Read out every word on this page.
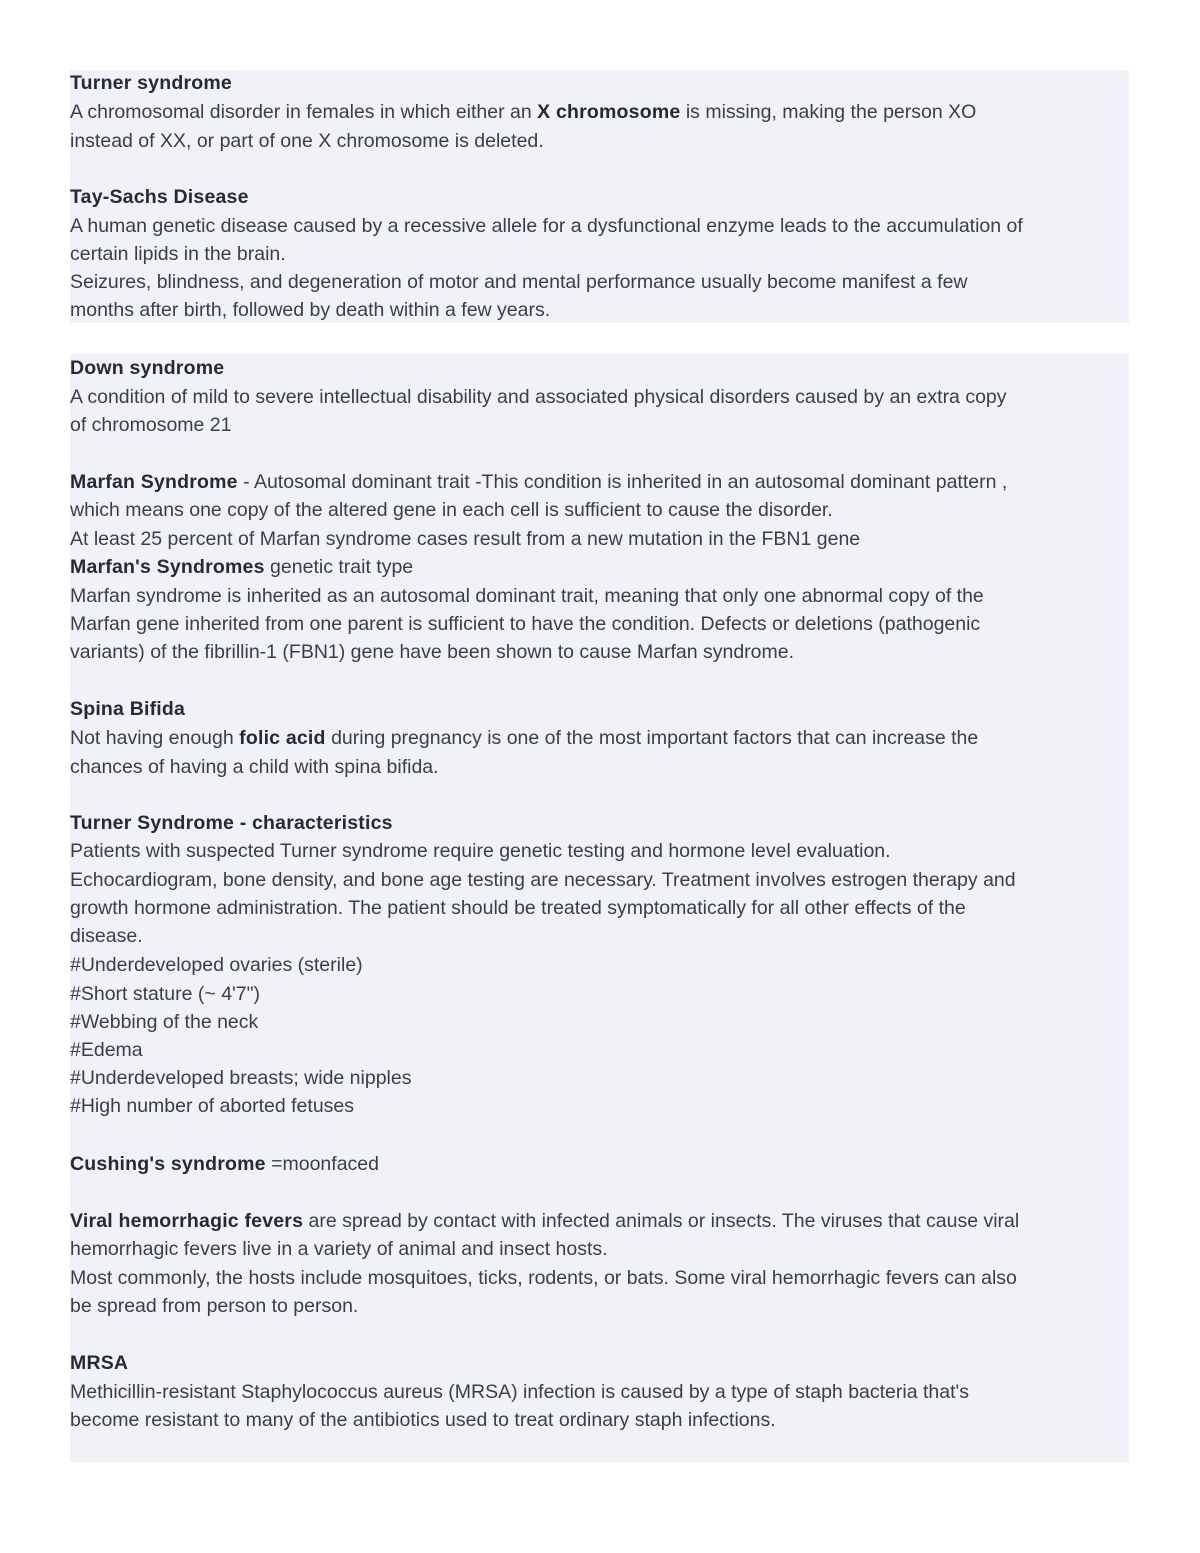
Turner syndrome
A chromosomal disorder in females in which either an X chromosome is missing, making the person XO
instead of XX, or part of one X chromosome is deleted.
Tay-Sachs Disease
A human genetic disease caused by a recessive allele for a dysfunctional enzyme leads to the accumulation of
certain lipids in the brain.
Seizures, blindness, and degeneration of motor and mental performance usually become manifest a few
months after birth, followed by death within a few years.
Down syndrome
A condition of mild to severe intellectual disability and associated physical disorders caused by an extra copy
of chromosome 21
Marfan Syndrome - Autosomal dominant trait -This condition is inherited in an autosomal dominant pattern ,
which means one copy of the altered gene in each cell is sufficient to cause the disorder.
At least 25 percent of Marfan syndrome cases result from a new mutation in the FBN1 gene
Marfan's Syndromes genetic trait type
Marfan syndrome is inherited as an autosomal dominant trait, meaning that only one abnormal copy of the
Marfan gene inherited from one parent is sufficient to have the condition. Defects or deletions (pathogenic
variants) of the fibrillin-1 (FBN1) gene have been shown to cause Marfan syndrome.
Spina Bifida
Not having enough folic acid during pregnancy is one of the most important factors that can increase the
chances of having a child with spina bifida.
Turner Syndrome - characteristics
Patients with suspected Turner syndrome require genetic testing and hormone level evaluation.
Echocardiogram, bone density, and bone age testing are necessary. Treatment involves estrogen therapy and
growth hormone administration. The patient should be treated symptomatically for all other effects of the
disease.
#Underdeveloped ovaries (sterile)
#Short stature (~ 4'7")
#Webbing of the neck
#Edema
#Underdeveloped breasts; wide nipples
#High number of aborted fetuses
Cushing's syndrome =moonfaced
Viral hemorrhagic fevers are spread by contact with infected animals or insects. The viruses that cause viral
hemorrhagic fevers live in a variety of animal and insect hosts.
Most commonly, the hosts include mosquitoes, ticks, rodents, or bats. Some viral hemorrhagic fevers can also
be spread from person to person.
MRSA
Methicillin-resistant Staphylococcus aureus (MRSA) infection is caused by a type of staph bacteria that's
become resistant to many of the antibiotics used to treat ordinary staph infections.
